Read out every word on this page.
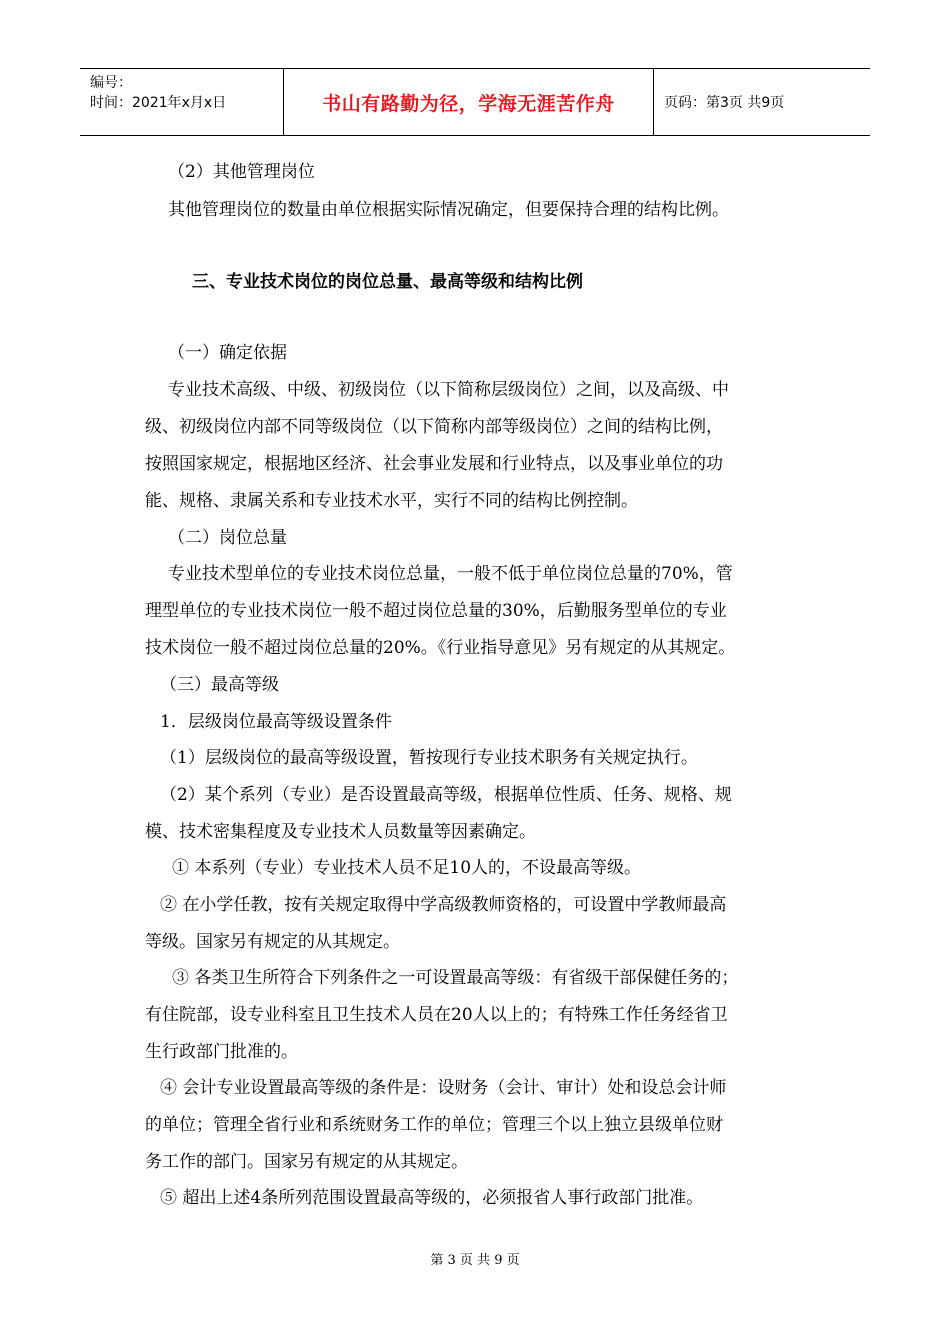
编号：
时间：2021年x月x日	书山有路勤为径，学海无涯苦作舟	页码：第3页 共9页
（2）其他管理岗位
其他管理岗位的数量由单位根据实际情况确定，但要保持合理的结构比例。
三、专业技术岗位的岗位总量、最高等级和结构比例
（一）确定依据
专业技术高级、中级、初级岗位（以下简称层级岗位）之间，以及高级、中
级、初级岗位内部不同等级岗位（以下简称内部等级岗位）之间的结构比例，
按照国家规定，根据地区经济、社会事业发展和行业特点，以及事业单位的功
能、规格、隶属关系和专业技术水平，实行不同的结构比例控制。
（二）岗位总量
专业技术型单位的专业技术岗位总量，一般不低于单位岗位总量的70%，管
理型单位的专业技术岗位一般不超过岗位总量的30%，后勤服务型单位的专业
技术岗位一般不超过岗位总量的20%。《行业指导意见》另有规定的从其规定。
（三）最高等级
1．层级岗位最高等级设置条件
（1）层级岗位的最高等级设置，暂按现行专业技术职务有关规定执行。
（2）某个系列（专业）是否设置最高等级，根据单位性质、任务、规格、规
模、技术密集程度及专业技术人员数量等因素确定。
① 本系列（专业）专业技术人员不足10人的，不设最高等级。
② 在小学任教，按有关规定取得中学高级教师资格的，可设置中学教师最高
等级。国家另有规定的从其规定。
③ 各类卫生所符合下列条件之一可设置最高等级：有省级干部保健任务的；
有住院部，设专业科室且卫生技术人员在20人以上的；有特殊工作任务经省卫
生行政部门批准的。
④ 会计专业设置最高等级的条件是：设财务（会计、审计）处和设总会计师
的单位；管理全省行业和系统财务工作的单位；管理三个以上独立县级单位财
务工作的部门。国家另有规定的从其规定。
⑤ 超出上述4条所列范围设置最高等级的，必须报省人事行政部门批准。
第 3 页 共 9 页
